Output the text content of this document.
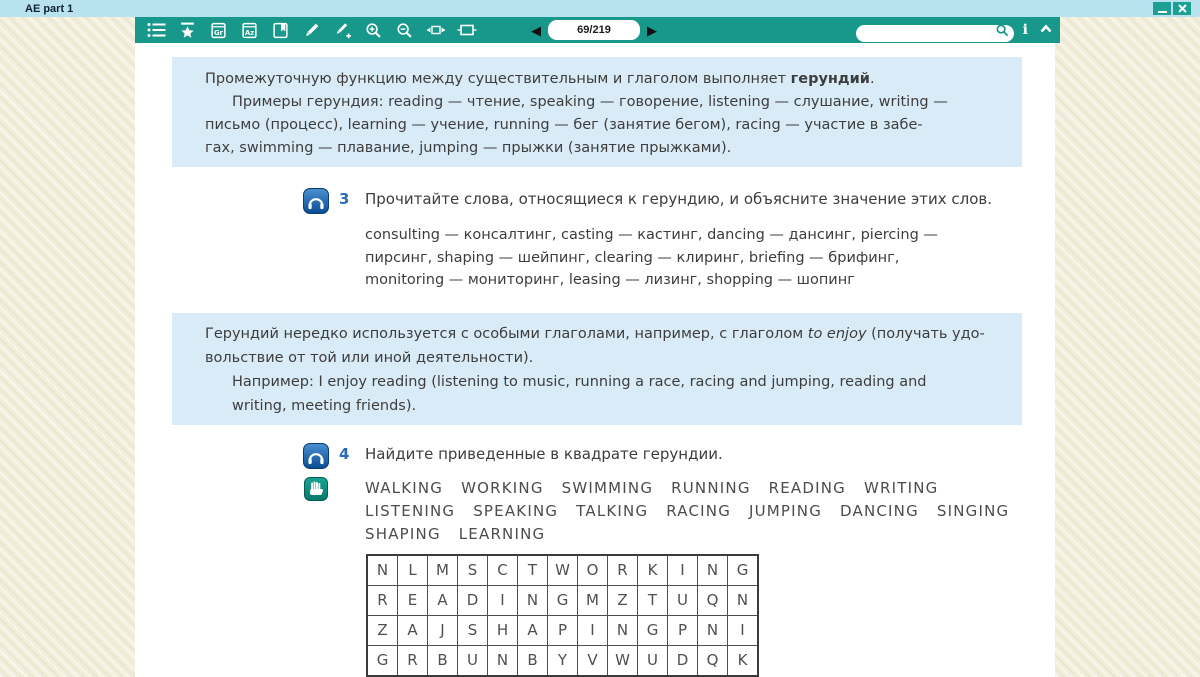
AE part 1
Gr	Az	◀
69/219	▶	i
Промежуточную функцию между существительным и глаголом выполняет герундий.
Примеры герундия: reading — чтение, speaking — говорение, listening — слушание, writing —
письмо (процесс), learning — учение, running — бег (занятие бегом), racing — участие в забе-
гах, swimming — плавание, jumping — прыжки (занятие прыжками).
3 Прочитайте слова, относящиеся к герундию, и объясните значение этих слов.
consulting — консалтинг, casting — кастинг, dancing — дансинг, piercing —
пирсинг, shaping — шейпинг, clearing — клиринг, briefing — брифинг,
monitoring — мониторинг, leasing — лизинг, shopping — шопинг
Герундий нередко используется с особыми глаголами, например, с глаголом to enjoy (получать удо-
вольствие от той или иной деятельности).
Например: I enjoy reading (listening to music, running a race, racing and jumping, reading and
writing, meeting friends).
4 Найдите приведенные в квадрате герундии.
WALKING WORKING SWIMMING RUNNING READING WRITING
LISTENING SPEAKING TALKING RACING JUMPING DANCING SINGING
SHAPING LEARNING
N	L	M	S	C	T	W	O	R	K	I	N	G
R	E	A	D	I	N	G	M	Z	T	U	Q	N
Z	A	J	S	H	A	P	I	N	G	P	N	I
G	R	B	U	N	B	Y	V	W	U	D	Q	K
